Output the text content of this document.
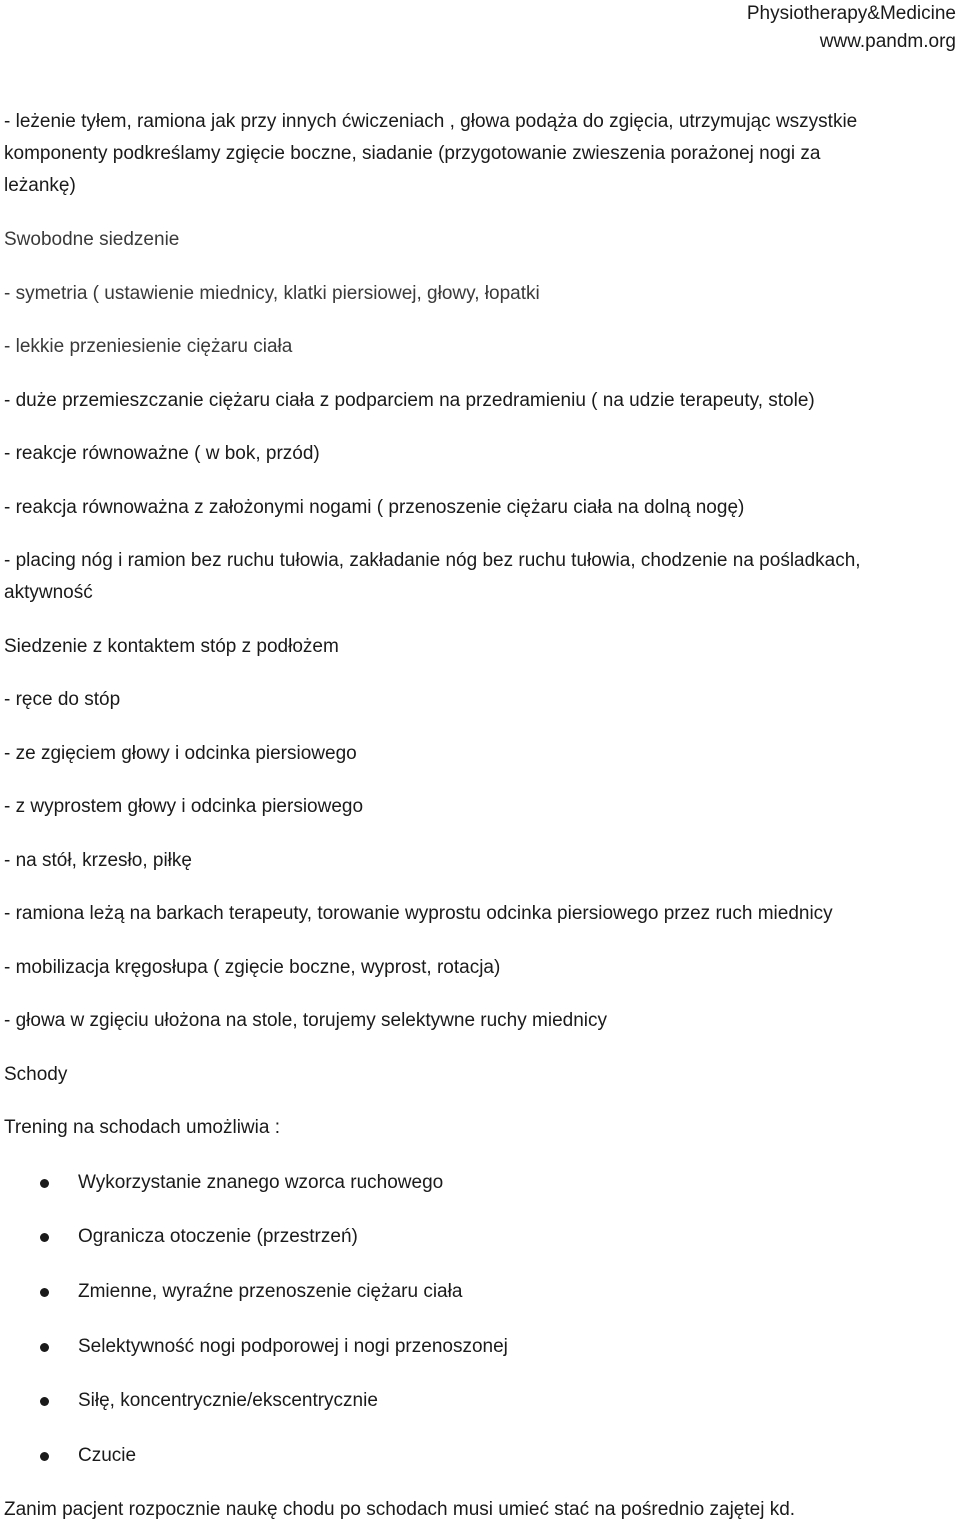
Physiotherapy&Medicine
www.pandm.org
- leżenie tyłem, ramiona jak przy innych ćwiczeniach , głowa podąża do zgięcia, utrzymując wszystkie
komponenty podkreślamy zgięcie boczne, siadanie (przygotowanie zwieszenia porażonej nogi za
leżankę)
Swobodne siedzenie
- symetria ( ustawienie miednicy, klatki piersiowej, głowy, łopatki
- lekkie przeniesienie ciężaru ciała
- duże przemieszczanie ciężaru ciała z podparciem na przedramieniu ( na udzie terapeuty, stole)
- reakcje równoważne ( w bok, przód)
- reakcja równoważna z założonymi nogami ( przenoszenie ciężaru ciała na dolną nogę)
- placing nóg i ramion bez ruchu tułowia, zakładanie nóg bez ruchu tułowia, chodzenie na pośladkach,
aktywność
Siedzenie z kontaktem stóp z podłożem
- ręce do stóp
- ze zgięciem głowy i odcinka piersiowego
- z wyprostem głowy i odcinka piersiowego
- na stół, krzesło, piłkę
- ramiona leżą na barkach terapeuty, torowanie wyprostu odcinka piersiowego przez ruch miednicy
- mobilizacja kręgosłupa ( zgięcie boczne, wyprost, rotacja)
- głowa w zgięciu ułożona na stole, torujemy selektywne ruchy miednicy
Schody
Trening na schodach umożliwia :
Wykorzystanie znanego wzorca ruchowego
Ogranicza otoczenie (przestrzeń)
Zmienne, wyraźne przenoszenie ciężaru ciała
Selektywność nogi podporowej i nogi przenoszonej
Siłę, koncentrycznie/ekscentrycznie
Czucie
Zanim pacjent rozpocznie naukę chodu po schodach musi umieć stać na pośrednio zajętej kd.
